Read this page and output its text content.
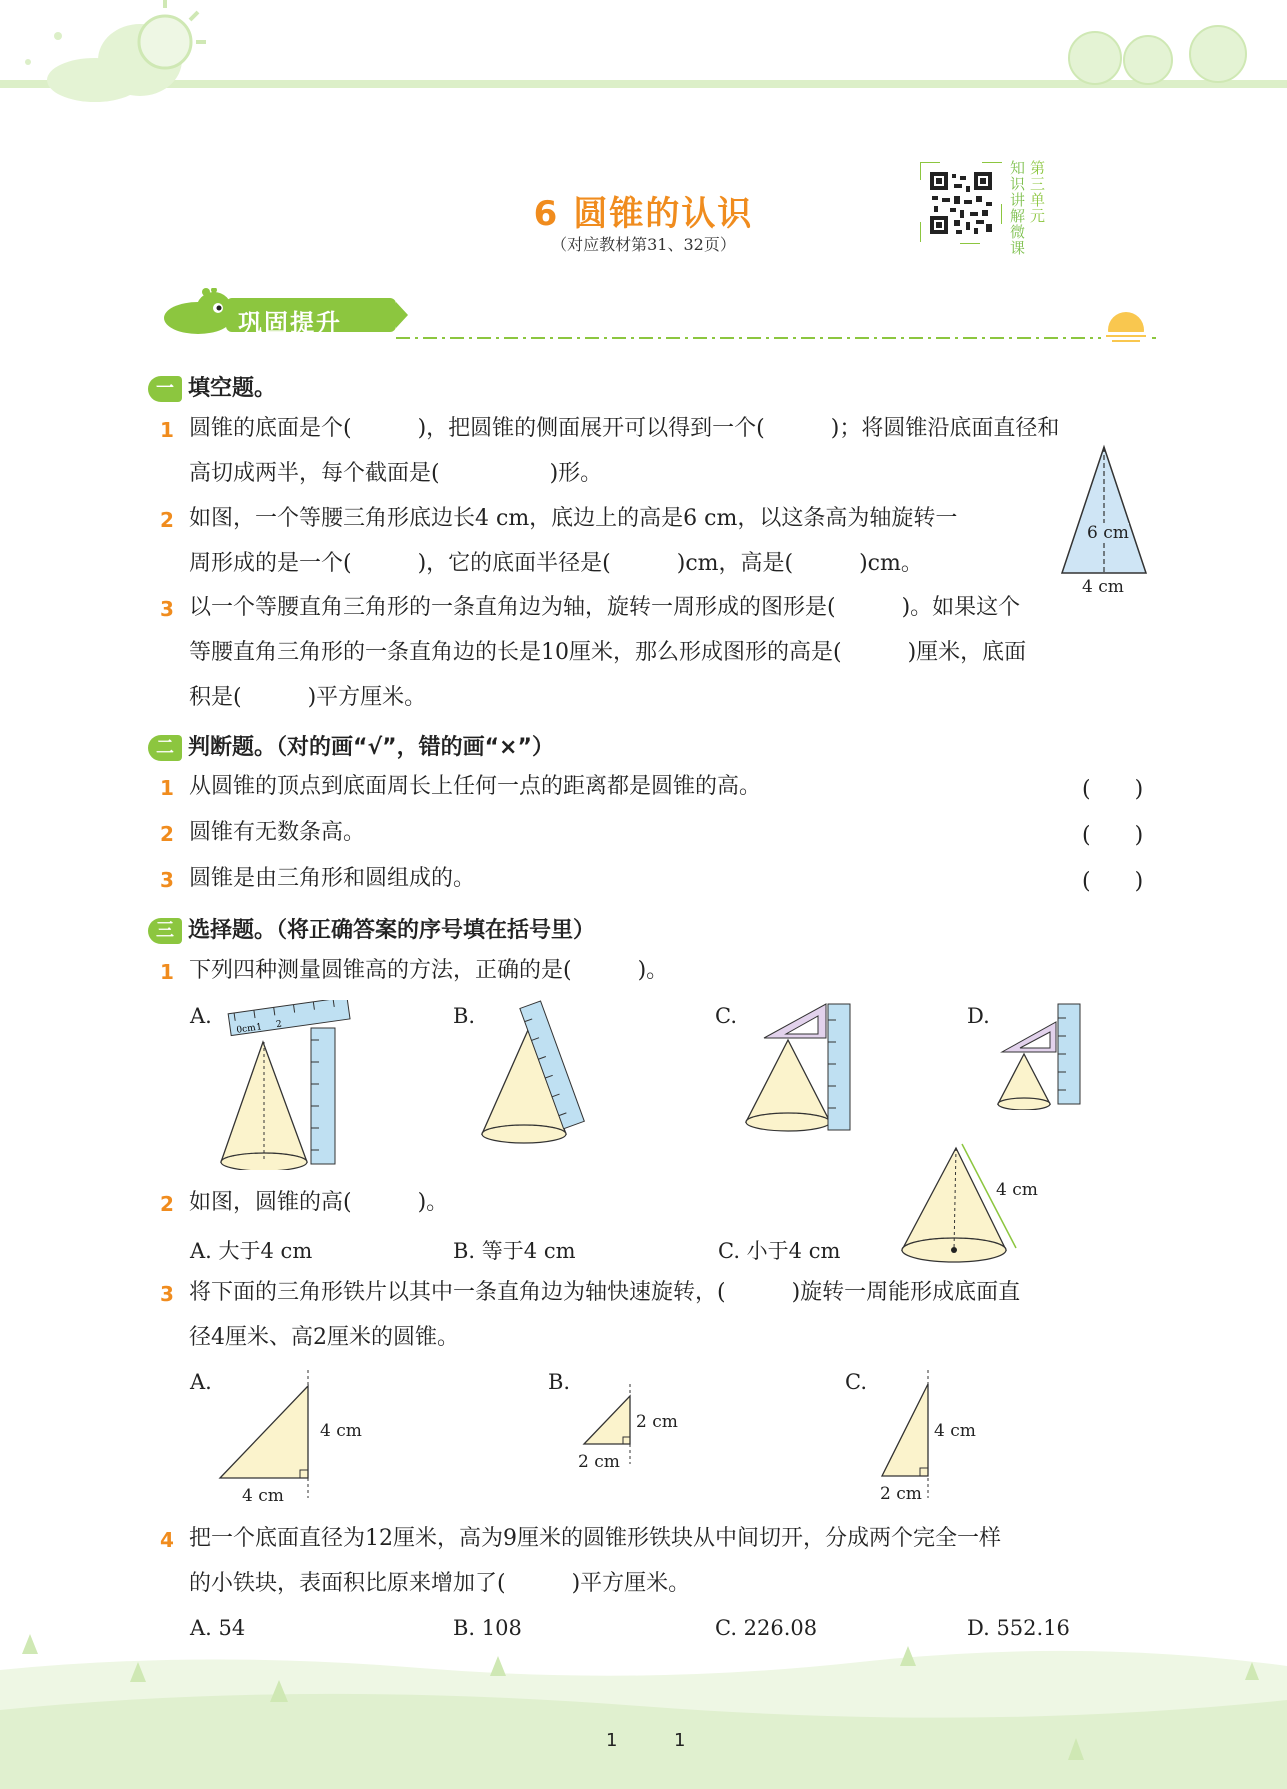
6 圆锥的认识
（对应教材第31、32页）
知识讲解微课
第三单元
巩固提升
一 填空题。
1 圆锥的底面是个(　　　)，把圆锥的侧面展开可以得到一个(　　　)；将圆锥沿底面直径和
高切成两半，每个截面是(　　　　　)形。
2 如图，一个等腰三角形底边长4 cm，底边上的高是6 cm，以这条高为轴旋转一
周形成的是一个(　　　)，它的底面半径是(　　　)cm，高是(　　　)cm。
6 cm
4 cm
3 以一个等腰直角三角形的一条直角边为轴，旋转一周形成的图形是(　　　)。如果这个
等腰直角三角形的一条直角边的长是10厘米，那么形成图形的高是(　　　)厘米，底面
积是(　　　)平方厘米。
二 判断题。（对的画“√”，错的画“×”）
1 从圆锥的顶点到底面周长上任何一点的距离都是圆锥的高。	(　　)
2 圆锥有无数条高。	(　　)
3 圆锥是由三角形和圆组成的。	(　　)
三 选择题。（将正确答案的序号填在括号里）
1 下列四种测量圆锥高的方法，正确的是(　　　)。
A.	B.	C.	D.
0cm 1 2
2 如图，圆锥的高(　　　)。
A. 大于4 cm	B. 等于4 cm	C. 小于4 cm
4 cm
3 将下面的三角形铁片以其中一条直角边为轴快速旋转，(　　　)旋转一周能形成底面直
径4厘米、高2厘米的圆锥。
A.	B.	C.
4 cm
4 cm
2 cm
2 cm
4 cm
2 cm
4 把一个底面直径为12厘米，高为9厘米的圆锥形铁块从中间切开，分成两个完全一样
的小铁块，表面积比原来增加了(　　　)平方厘米。
A. 54	B. 108	C. 226.08	D. 552.16
1	1
